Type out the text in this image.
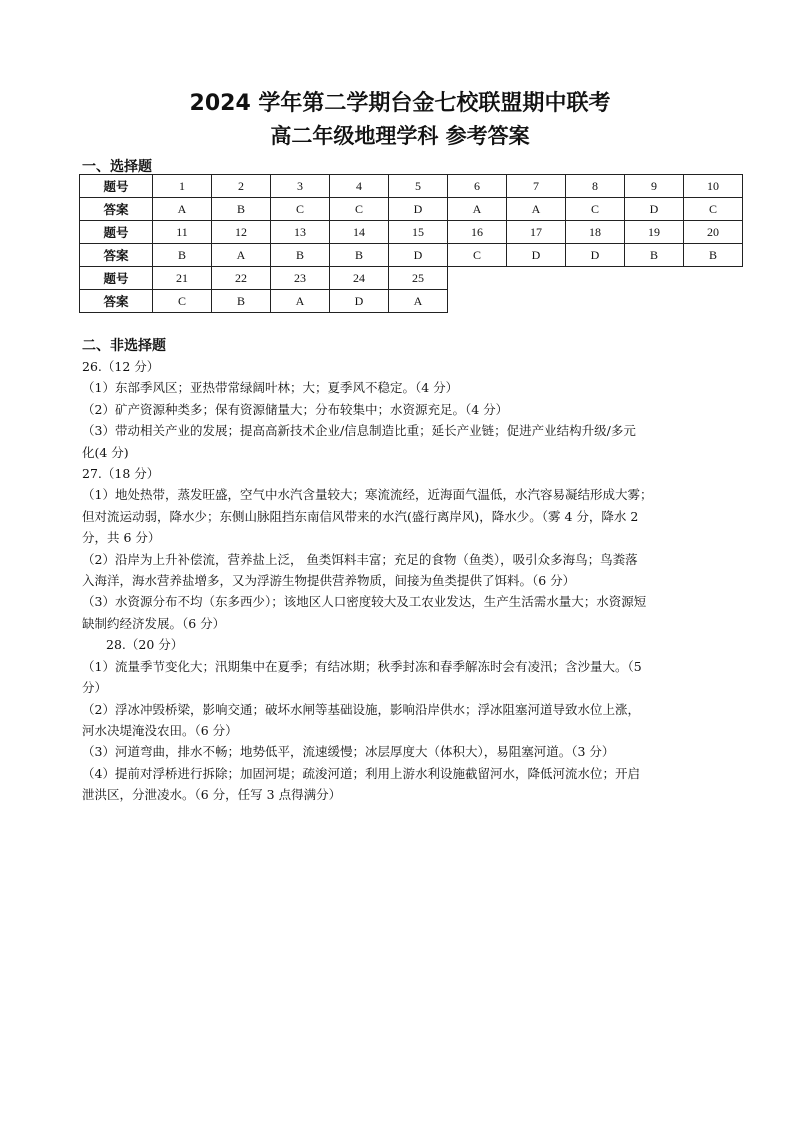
2024 学年第二学期台金七校联盟期中联考
高二年级地理学科 参考答案
一、选择题
题号	1	2	3	4	5	6	7	8	9	10
答案	A	B	C	C	D	A	A	C	D	C
题号	11	12	13	14	15	16	17	18	19	20
答案	B	A	B	B	D	C	D	D	B	B
题号	21	22	23	24	25					
答案	C	B	A	D	A					
二、非选择题

26.（12 分）

（1）东部季风区；亚热带常绿阔叶林；大；夏季风不稳定。（4 分）

（2）矿产资源种类多；保有资源储量大；分布较集中；水资源充足。（4 分）

（3）带动相关产业的发展；提高高新技术企业/信息制造比重；延长产业链；促进产业结构升级/多元

化(4 分)

27.（18 分）

（1）地处热带，蒸发旺盛，空气中水汽含量较大；寒流流经，近海面气温低，水汽容易凝结形成大雾；

但对流运动弱，降水少；东侧山脉阻挡东南信风带来的水汽(盛行离岸风)，降水少。（雾 4 分，降水 2

分，共 6 分）

（2）沿岸为上升补偿流，营养盐上泛， 鱼类饵料丰富；充足的食物（鱼类），吸引众多海鸟；鸟粪落

入海洋，海水营养盐增多，又为浮游生物提供营养物质，间接为鱼类提供了饵料。（6 分）

（3）水资源分布不均（东多西少）；该地区人口密度较大及工农业发达，生产生活需水量大；水资源短

缺制约经济发展。（6 分）

28.（20 分）

（1）流量季节变化大；汛期集中在夏季；有结冰期；秋季封冻和春季解冻时会有凌汛；含沙量大。（5

分）

（2）浮冰冲毁桥梁，影响交通；破坏水闸等基础设施，影响沿岸供水；浮冰阻塞河道导致水位上涨，

河水决堤淹没农田。（6 分）

（3）河道弯曲，排水不畅；地势低平，流速缓慢；冰层厚度大（体积大），易阻塞河道。（3 分）

（4）提前对浮桥进行拆除；加固河堤；疏浚河道；利用上游水利设施截留河水，降低河流水位；开启

泄洪区，分泄凌水。（6 分，任写 3 点得满分）
